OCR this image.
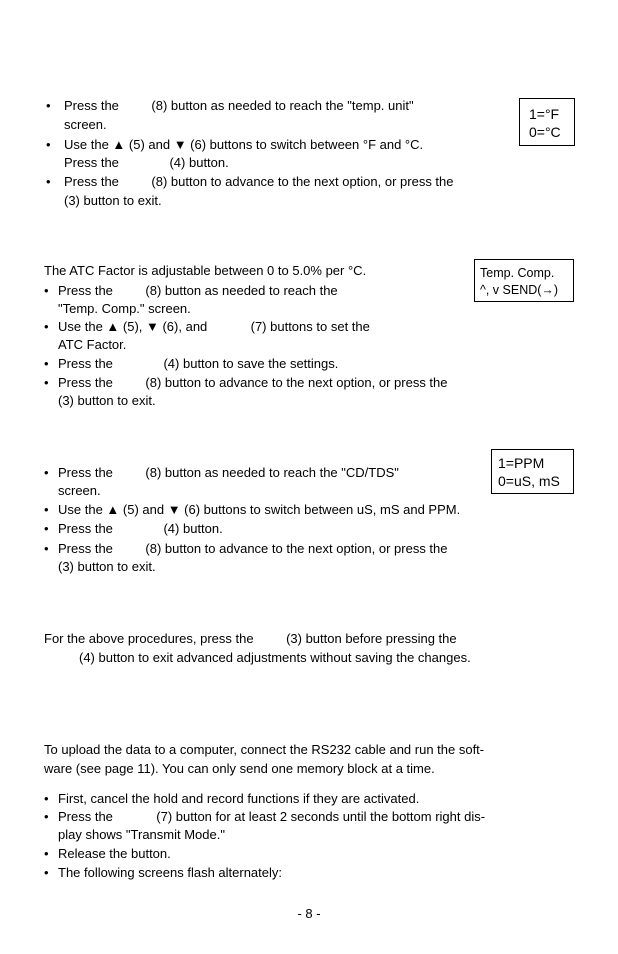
• Press the         (8) button as needed to reach the "temp. unit"
screen.
• Use the ▲ (5) and ▼ (6) buttons to switch between °F and °C.
Press the              (4) button.
• Press the         (8) button to advance to the next option, or press the
(3) button to exit.
1=°F
0=°C
The ATC Factor is adjustable between 0 to 5.0% per °C.
• Press the         (8) button as needed to reach the
"Temp. Comp." screen.
• Use the ▲ (5), ▼ (6), and            (7) buttons to set the
ATC Factor.
• Press the              (4) button to save the settings.
• Press the         (8) button to advance to the next option, or press the
(3) button to exit.
Temp. Comp.
^, v SEND(→)
• Press the         (8) button as needed to reach the "CD/TDS"
screen.
• Use the ▲ (5) and ▼ (6) buttons to switch between uS, mS and PPM.
• Press the              (4) button.
• Press the         (8) button to advance to the next option, or press the
(3) button to exit.
1=PPM
0=uS, mS
For the above procedures, press the         (3) button before pressing the
(4) button to exit advanced adjustments without saving the changes.
To upload the data to a computer, connect the RS232 cable and run the soft-
ware (see page 11). You can only send one memory block at a time.
• First, cancel the hold and record functions if they are activated.
• Press the            (7) button for at least 2 seconds until the bottom right dis-
play shows "Transmit Mode."
• Release the button.
• The following screens flash alternately:
- 8 -
